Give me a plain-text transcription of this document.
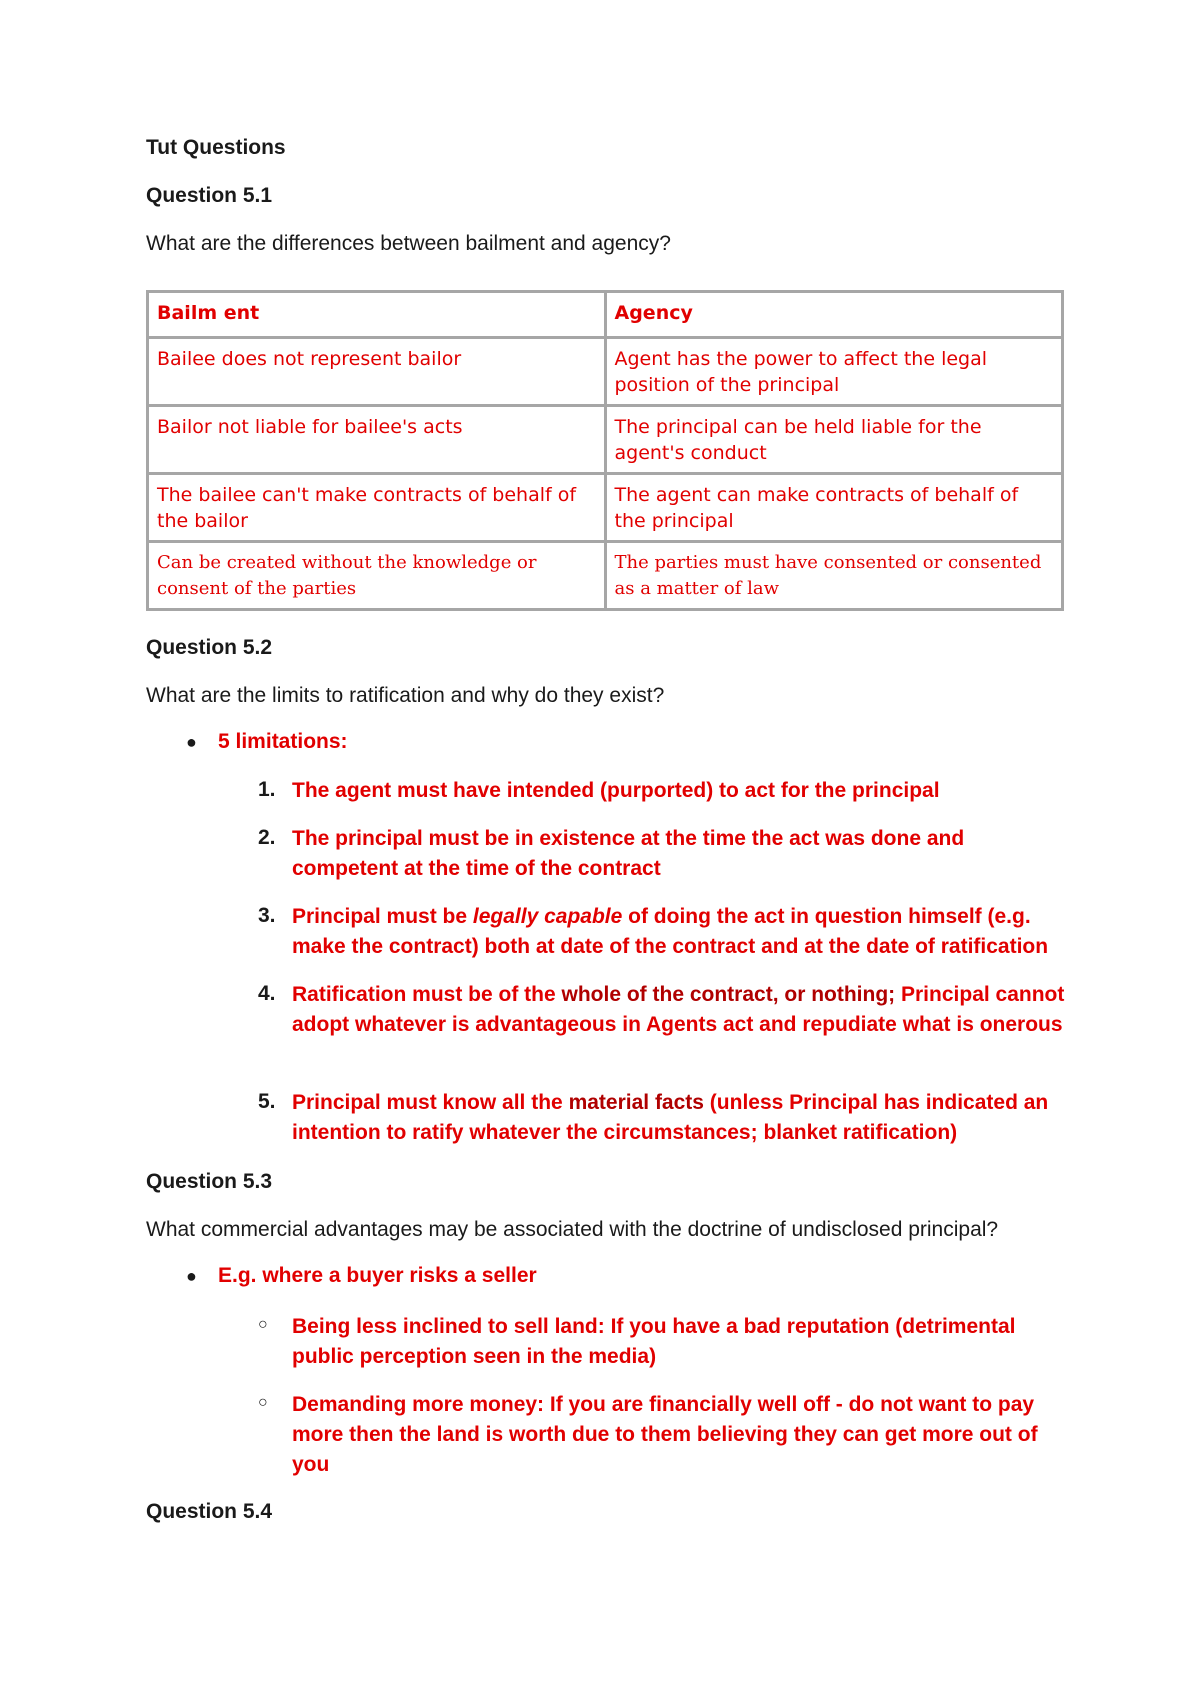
Tut Questions
Question 5.1
What are the differences between bailment and agency?
Bailm ent	Agency
Bailee does not represent bailor	Agent has the power to affect the legal position of the principal
Bailor not liable for bailee's acts	The principal can be held liable for the agent's conduct
The bailee can't make contracts of behalf of the bailor	The agent can make contracts of behalf of the principal
Can be created without the knowledge or consent of the parties	The parties must have consented or consented as a matter of law
Question 5.2
What are the limits to ratification and why do they exist?
● 5 limitations:
1. The agent must have intended (purported) to act for the principal
2. The principal must be in existence at the time the act was done and competent at the time of the contract
3. Principal must be legally capable of doing the act in question himself (e.g. make the contract) both at date of the contract and at the date of ratification
4. Ratification must be of the whole of the contract, or nothing; Principal cannot adopt whatever is advantageous in Agents act and repudiate what is onerous
5. Principal must know all the material facts (unless Principal has indicated an intention to ratify whatever the circumstances; blanket ratification)
Question 5.3
What commercial advantages may be associated with the doctrine of undisclosed principal?
● E.g. where a buyer risks a seller
○ Being less inclined to sell land: If you have a bad reputation (detrimental public perception seen in the media)
○ Demanding more money: If you are financially well off - do not want to pay more then the land is worth due to them believing they can get more out of you
Question 5.4
